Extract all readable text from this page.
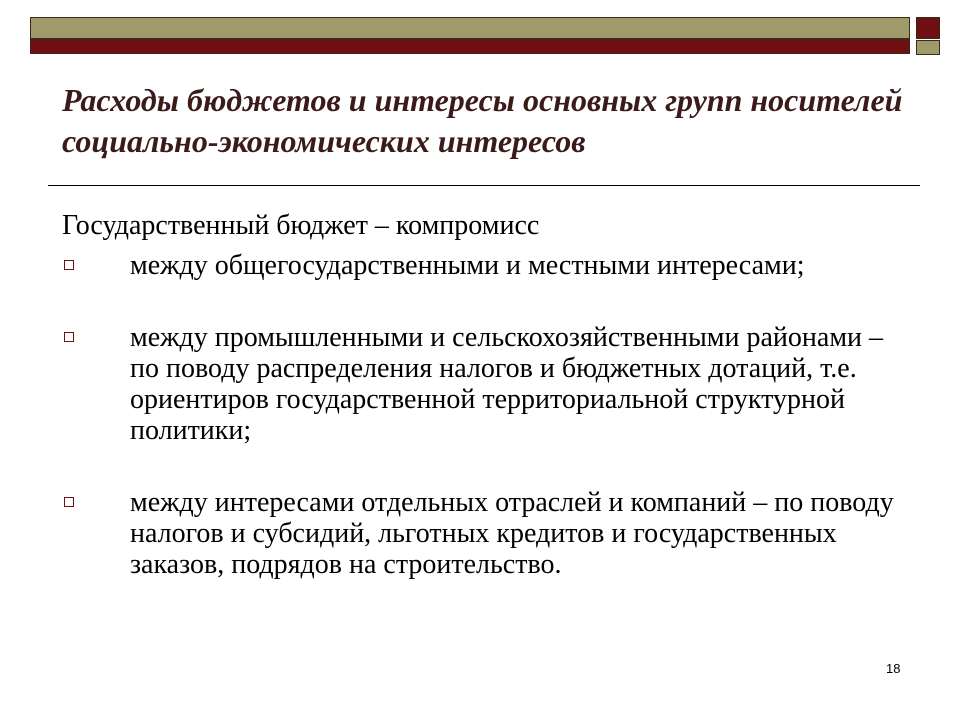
Расходы бюджетов и интересы основных групп носителей социально-экономических интересов
Государственный бюджет – компромисс
между общегосударственными и местными интересами;
между промышленными и сельскохозяйственными районами – по поводу распределения налогов и бюджетных дотаций, т.е. ориентиров государственной территориальной структурной политики;
между интересами отдельных отраслей и компаний – по поводу налогов и субсидий, льготных кредитов и государственных заказов, подрядов на строительство.
18
